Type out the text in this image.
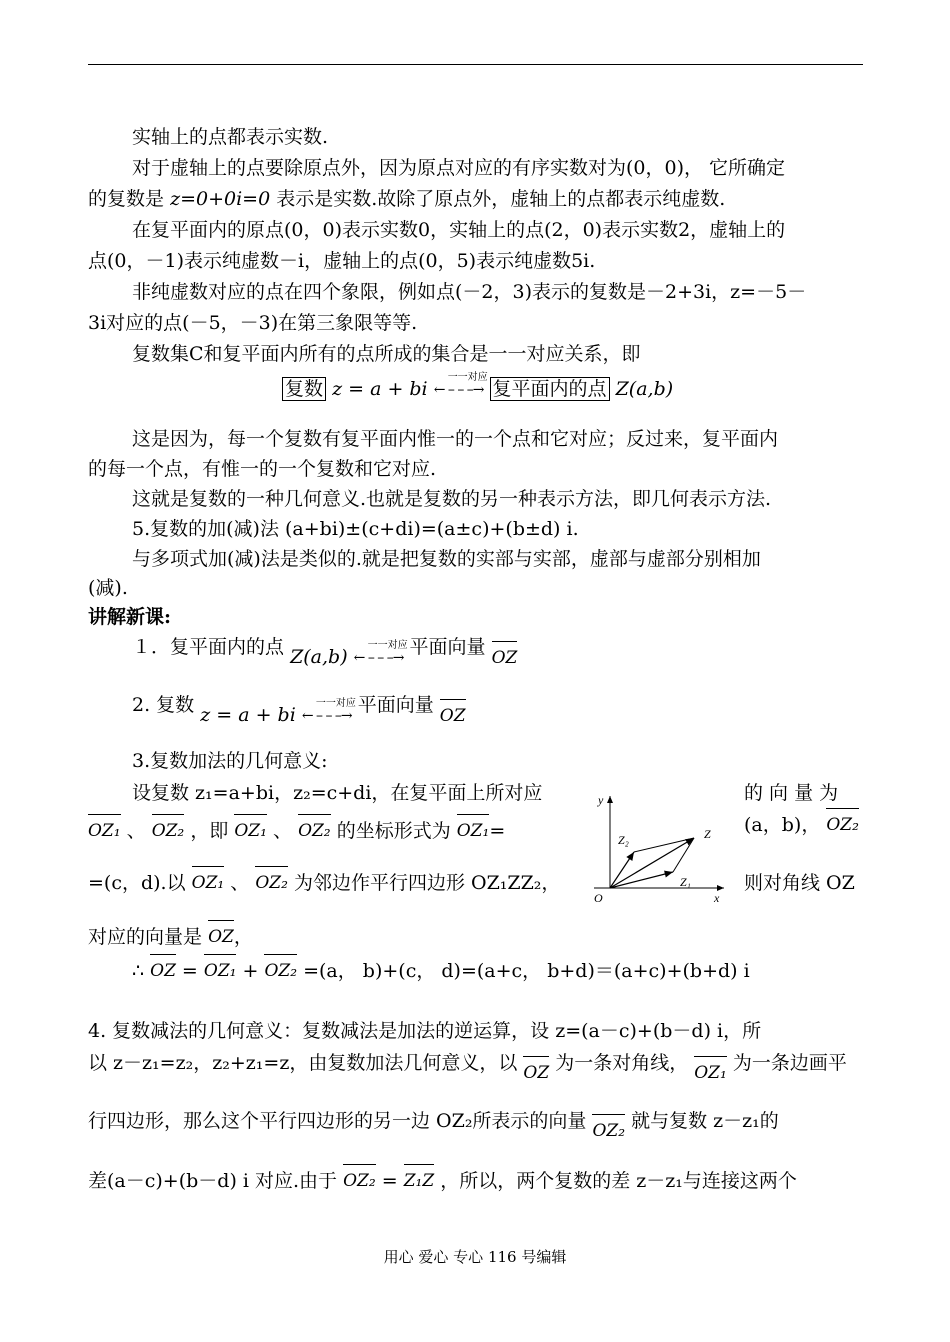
实轴上的点都表示实数.
对于虚轴上的点要除原点外，因为原点对应的有序实数对为(0，0)， 它所确定
的复数是 z=0+0i=0 表示是实数.故除了原点外，虚轴上的点都表示纯虚数.
在复平面内的原点(0，0)表示实数0，实轴上的点(2，0)表示实数2，虚轴上的
点(0，－1)表示纯虚数－i，虚轴上的点(0，5)表示纯虚数5i.
非纯虚数对应的点在四个象限，例如点(－2，3)表示的复数是－2+3i，z=－5－
3i对应的点(－5，－3)在第三象限等等.
复数集C和复平面内所有的点所成的集合是一一对应关系，即
复数 z = a + bi ← – – –→
一一对应
复平面内的点 Z(a,b)
这是因为，每一个复数有复平面内惟一的一个点和它对应；反过来，复平面内
的每一个点，有惟一的一个复数和它对应.
这就是复数的一种几何意义.也就是复数的另一种表示方法，即几何表示方法.
5.复数的加(减)法 (a+bi)±(c+di)=(a±c)+(b±d) i.
与多项式加(减)法是类似的.就是把复数的实部与实部，虚部与虚部分别相加
(减).
讲解新课:
１．复平面内的点 Z(a,b) ← – – –→
一一对应 平面向量 OZ
2. 复数 z = a + bi ← – – –→
一一对应 平面向量 OZ
3.复数加法的几何意义:
设复数 z₁=a+bi，z₂=c+di，在复平面上所对应	的 向 量 为
OZ₁ 、 OZ₂ ，即 OZ₁ 、 OZ₂ 的坐标形式为 OZ₁=	(a，b)， OZ₂
=(c，d).以 OZ₁ 、 OZ₂ 为邻边作平行四边形 OZ₁ZZ₂，	则对角线 OZ
对应的向量是 OZ，
∴ OZ =
OZ₁ +
OZ₂ =(a， b)+(c， d)=(a+c， b+d)＝(a+c)+(b+d) i
y
x
O
Z
Z₁
Z₂
4. 复数减法的几何意义：复数减法是加法的逆运算，设 z=(a－c)+(b－d) i，所
以 z－z₁=z₂，z₂+z₁=z，由复数加法几何意义，以 OZ 为一条对角线， OZ₁ 为一条边画平
行四边形，那么这个平行四边形的另一边 OZ₂所表示的向量 OZ₂ 就与复数 z－z₁的
差(a－c)+(b－d) i 对应.由于 OZ₂ =
Z₁Z ，所以，两个复数的差 z－z₁与连接这两个
用心 爱心 专心 116 号编辑
